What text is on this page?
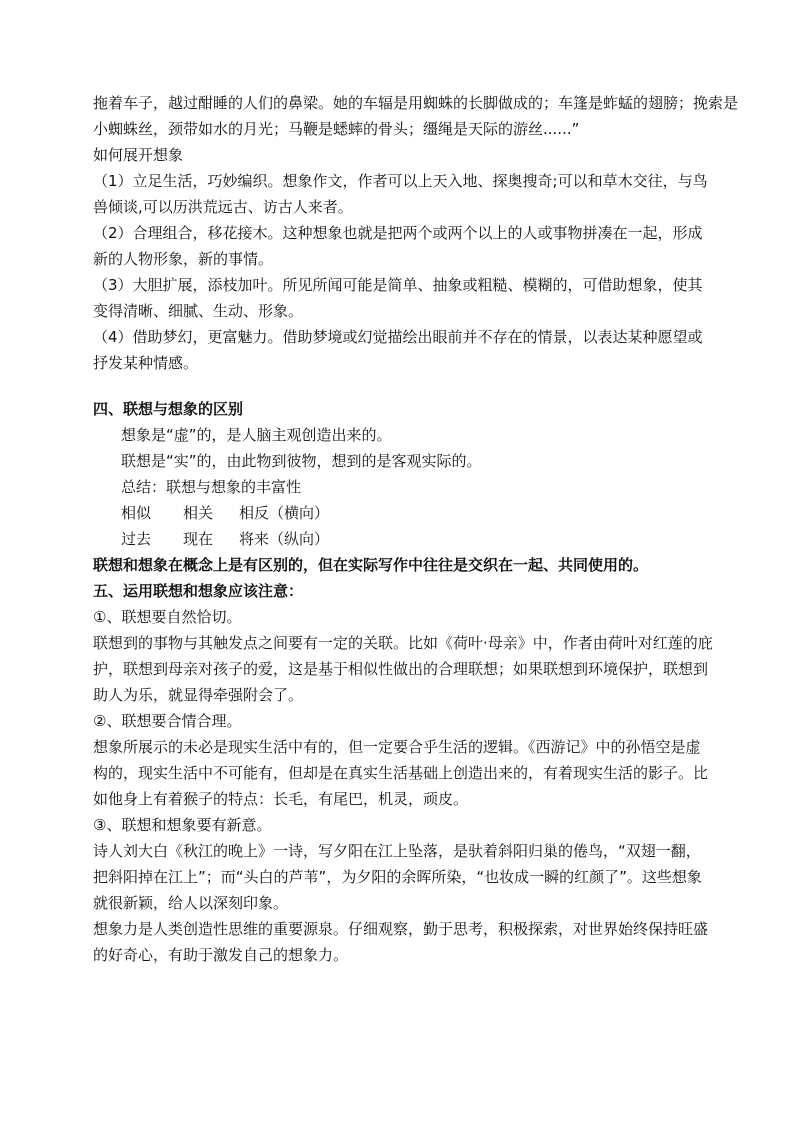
拖着车子，越过酣睡的人们的鼻梁。她的车辐是用蜘蛛的长脚做成的；车篷是蚱蜢的翅膀；挽索是

小蜘蛛丝，颈带如水的月光；马鞭是蟋蟀的骨头；缰绳是天际的游丝......”

如何展开想象

（1）立足生活，巧妙编织。想象作文，作者可以上天入地、探奥搜奇;可以和草木交往，与鸟兽倾谈,可以历洪荒远古、访古人来者。

（2）合理组合，移花接木。这种想象也就是把两个或两个以上的人或事物拼凑在一起，形成新的人物形象，新的事情。

（3）大胆扩展，添枝加叶。所见所闻可能是简单、抽象或粗糙、模糊的，可借助想象，使其变得清晰、细腻、生动、形象。

（4）借助梦幻，更富魅力。借助梦境或幻觉描绘出眼前并不存在的情景，以表达某种愿望或抒发某种情感。

四、联想与想象的区别

想象是“虚”的，是人脑主观创造出来的。

联想是“实”的，由此物到彼物，想到的是客观实际的。

总结：联想与想象的丰富性

相似 相关 相反（横向）

过去 现在 将来（纵向）

联想和想象在概念上是有区别的，但在实际写作中往往是交织在一起、共同使用的。

五、运用联想和想象应该注意：

①、联想要自然恰切。

联想到的事物与其触发点之间要有一定的关联。比如《荷叶·母亲》中，作者由荷叶对红莲的庇护，联想到母亲对孩子的爱，这是基于相似性做出的合理联想；如果联想到环境保护，联想到助人为乐，就显得牵强附会了。

②、联想要合情合理。

想象所展示的未必是现实生活中有的，但一定要合乎生活的逻辑。《西游记》中的孙悟空是虚构的，现实生活中不可能有，但却是在真实生活基础上创造出来的，有着现实生活的影子。比如他身上有着猴子的特点：长毛，有尾巴，机灵，顽皮。

③、联想和想象要有新意。

诗人刘大白《秋江的晚上》一诗，写夕阳在江上坠落，是驮着斜阳归巢的倦鸟，“双翅一翻，把斜阳掉在江上”；而“头白的芦苇”，为夕阳的余晖所染，“也妆成一瞬的红颜了”。这些想象就很新颖，给人以深刻印象。

想象力是人类创造性思维的重要源泉。仔细观察，勤于思考，积极探索，对世界始终保持旺盛的好奇心，有助于激发自己的想象力。
